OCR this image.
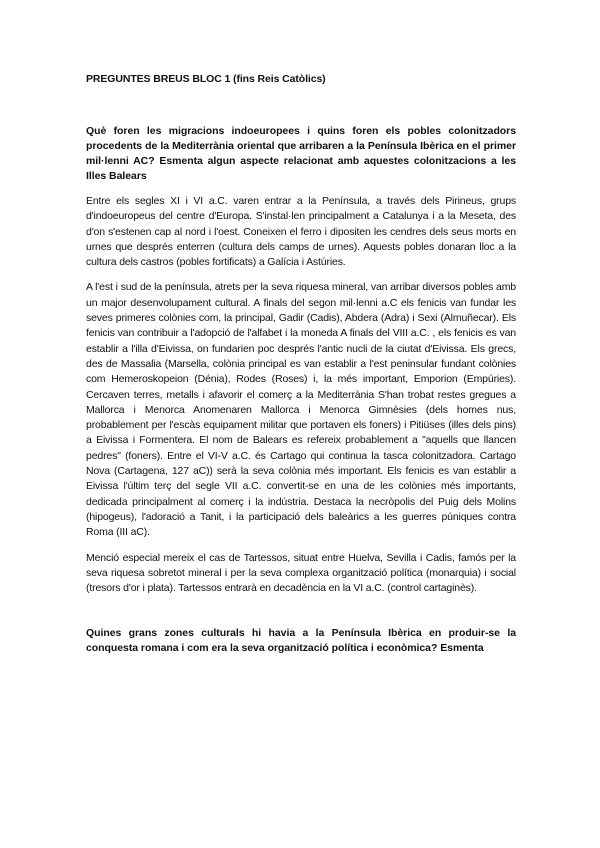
PREGUNTES BREUS BLOC 1 (fins Reis Catòlics)

Què foren les migracions indoeuropees i quins foren els pobles colonitzadors procedents de la Mediterrània oriental que arribaren a la Península Ibèrica en el primer mil·lenni AC? Esmenta algun aspecte relacionat amb aquestes colonitzacions a les Illes Balears

Entre els segles XI i VI a.C. varen entrar a la Península, a través dels Pirineus, grups d'indoeuropeus del centre d'Europa. S'instal·len principalment a Catalunya i a la Meseta, des d'on s'estenen cap al nord i l'oest. Coneixen el ferro i dipositen les cendres dels seus morts en urnes que després enterren (cultura dels camps de urnes). Aquests pobles donaran lloc a la cultura dels castros (pobles fortificats) a Galícia i Astúries.

A l'est i sud de la península, atrets per la seva riquesa mineral, van arribar diversos pobles amb un major desenvolupament cultural. A finals del segon mil·lenni a.C els fenicis van fundar les seves primeres colònies com, la principal, Gadir (Cadis), Abdera (Adra) i Sexi (Almuñecar). Els fenicis van contribuir a l'adopció de l'alfabet i la moneda A finals del VIII a.C. , els fenicis es van establir a l'illa d'Eivissa, on fundarien poc després l'antic nucli de la ciutat d'Eivissa. Els grecs, des de Massalia (Marsella, colònia principal es van establir a l'est peninsular fundant colònies com Hemeroskopeion (Dénia), Rodes (Roses) i, la més important, Emporion (Empúries). Cercaven terres, metalls i afavorir el comerç a la Mediterrània S'han trobat restes gregues a Mallorca i Menorca Anomenaren Mallorca i Menorca Gimnèsies (dels homes nus, probablement per l'escàs equipament militar que portaven els foners) i Pitiüses (illes dels pins) a Eivissa i Formentera. El nom de Balears es refereix probablement a "aquells que llancen pedres" (foners). Entre el VI-V a.C. és Cartago qui continua la tasca colonitzadora. Cartago Nova (Cartagena, 127 aC)) serà la seva colònia més important. Els fenicis es van establir a Eivissa l'últim terç del segle VII a.C. convertit-se en una de les colònies més importants, dedicada principalment al comerç i la indústria. Destaca la necròpolis del Puig dels Molins (hipogeus), l'adoració a Tanit, i la participació dels baleàrics a les guerres púniques contra Roma (III aC).

Menció especial mereix el cas de Tartessos, situat entre Huelva, Sevilla i Cadis, famós per la seva riquesa sobretot mineral i per la seva complexa organització política (monarquia) i social (tresors d'or i plata). Tartessos entrarà en decadència en la VI a.C. (control cartaginès).

Quines grans zones culturals hi havia a la Península Ibèrica en produir-se la conquesta romana i com era la seva organització política i econòmica? Esmenta
